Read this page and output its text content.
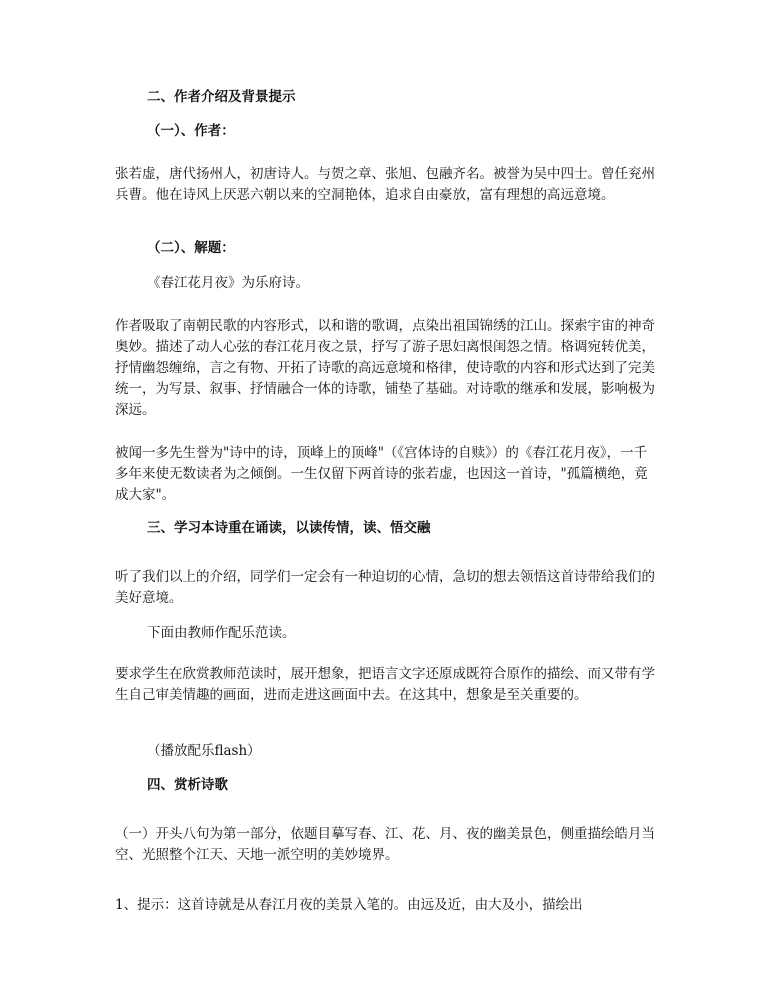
二、作者介绍及背景提示
（一）、作者：
张若虚，唐代扬州人，初唐诗人。与贺之章、张旭、包融齐名。被誉为吴中四士。曾任兖州兵曹。他在诗风上厌恶六朝以来的空洞艳体，追求自由豪放，富有理想的高远意境。
（二）、解题：
《春江花月夜》为乐府诗。
作者吸取了南朝民歌的内容形式，以和谐的歌调，点染出祖国锦绣的江山。探索宇宙的神奇奥妙。描述了动人心弦的春江花月夜之景，抒写了游子思妇离恨闺怨之情。格调宛转优美，抒情幽怨缠绵，言之有物、开拓了诗歌的高远意境和格律，使诗歌的内容和形式达到了完美统一，为写景、叙事、抒情融合一体的诗歌，铺垫了基础。对诗歌的继承和发展，影响极为深远。
被闻一多先生誉为"诗中的诗，顶峰上的顶峰"（《宫体诗的自赎》）的《春江花月夜》，一千多年来使无数读者为之倾倒。一生仅留下两首诗的张若虚，也因这一首诗，"孤篇横绝，竟成大家"。
三、学习本诗重在诵读，以读传情，读、悟交融
听了我们以上的介绍，同学们一定会有一种迫切的心情，急切的想去领悟这首诗带给我们的美好意境。
下面由教师作配乐范读。
要求学生在欣赏教师范读时，展开想象，把语言文字还原成既符合原作的描绘、而又带有学生自己审美情趣的画面，进而走进这画面中去。在这其中，想象是至关重要的。
（播放配乐flash）
四、赏析诗歌
（一）开头八句为第一部分，依题目摹写春、江、花、月、夜的幽美景色，侧重描绘皓月当空、光照整个江天、天地一派空明的美妙境界。
1、提示：这首诗就是从春江月夜的美景入笔的。由远及近，由大及小，描绘出
